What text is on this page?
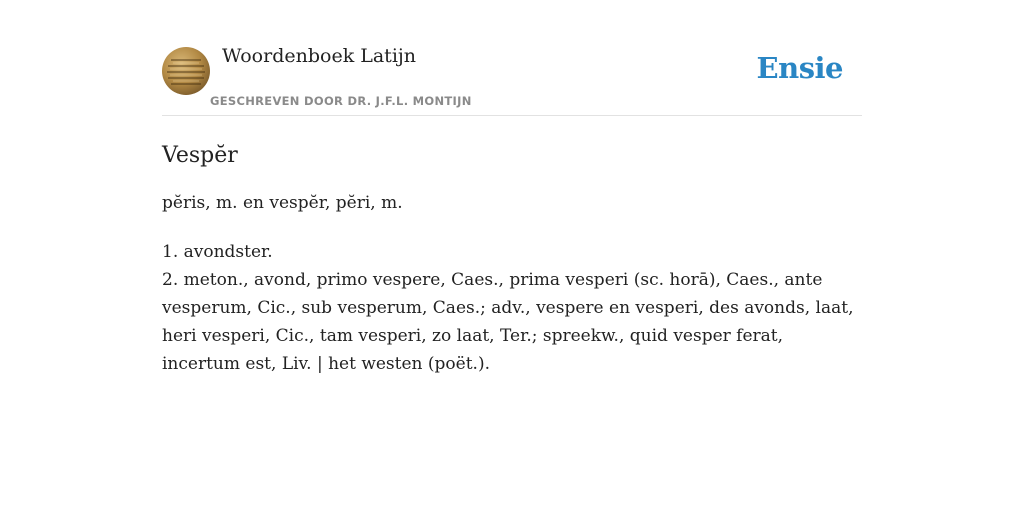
Woordenboek Latijn
GESCHREVEN DOOR DR. J.F.L. MONTIJN
Ensie
Vespĕr
pĕris, m. en vespĕr, pĕri, m.
1. avondster.
2. meton., avond, primo vespere, Caes., prima vesperi (sc. horā), Caes., ante vesperum, Cic., sub vesperum, Caes.; adv., vespere en vesperi, des avonds, laat, heri vesperi, Cic., tam vesperi, zo laat, Ter.; spreekw., quid vesper ferat, incertum est, Liv. | het westen (poët.).
